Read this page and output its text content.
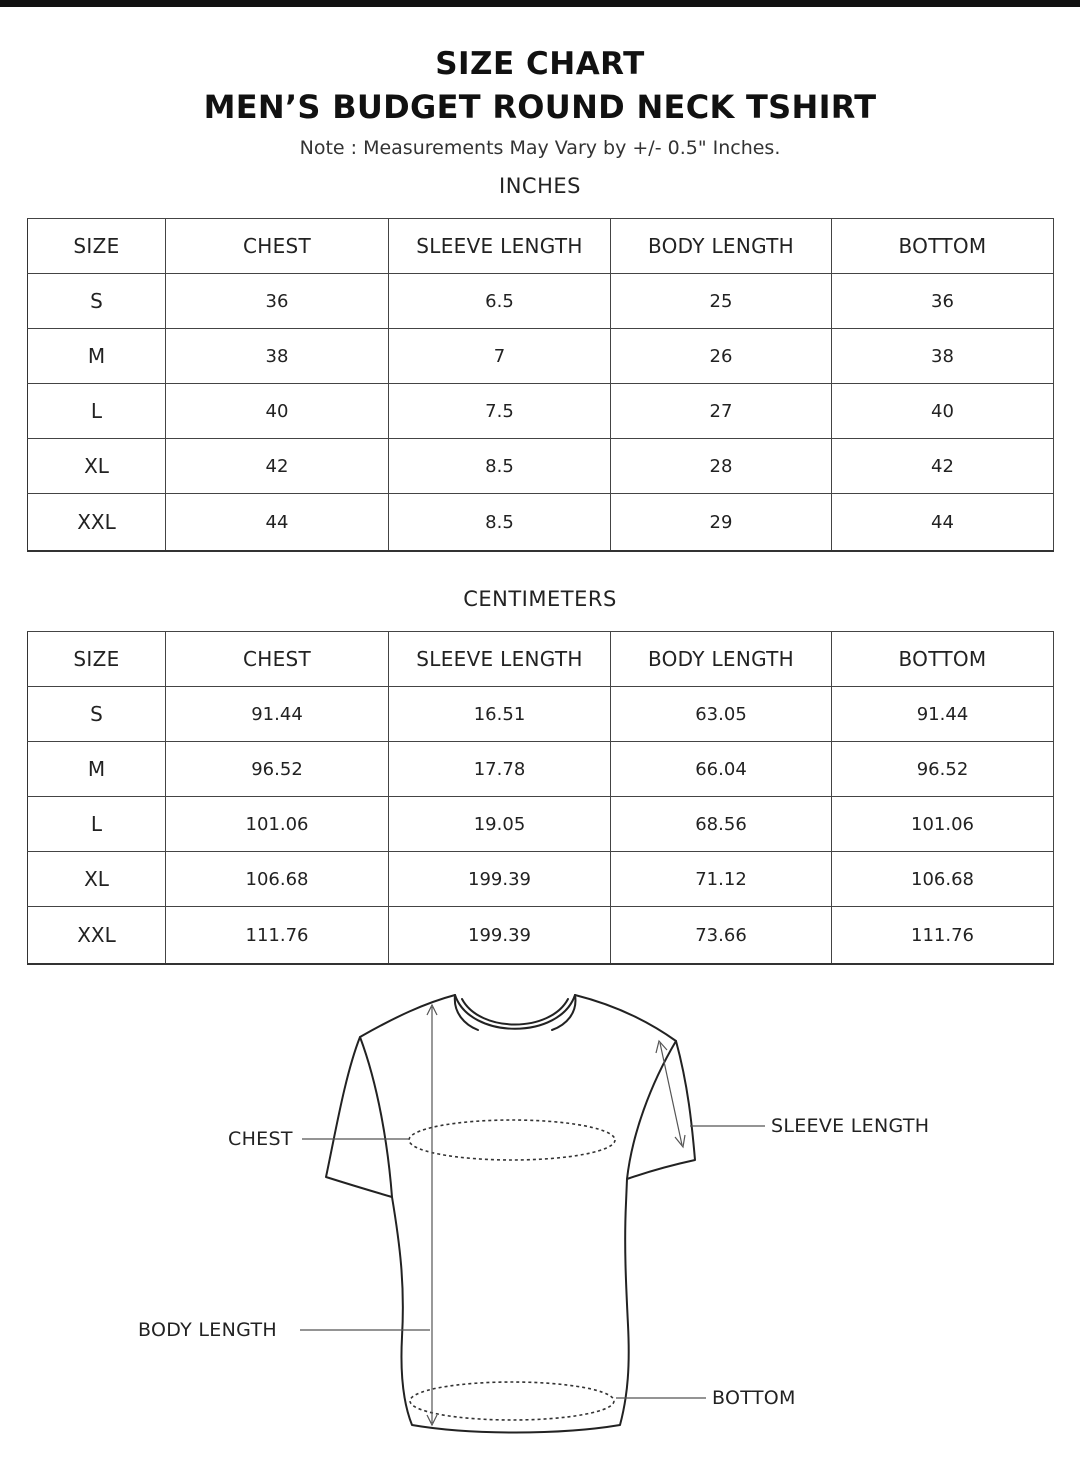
SIZE CHART
MEN’S BUDGET ROUND NECK TSHIRT
Note : Measurements May Vary by +/- 0.5" Inches.
INCHES
SIZE	CHEST	SLEEVE LENGTH	BODY LENGTH	BOTTOM
S	36	6.5	25	36
M	38	7	26	38
L	40	7.5	27	40
XL	42	8.5	28	42
XXL	44	8.5	29	44
CENTIMETERS
SIZE	CHEST	SLEEVE LENGTH	BODY LENGTH	BOTTOM
S	91.44	16.51	63.05	91.44
M	96.52	17.78	66.04	96.52
L	101.06	19.05	68.56	101.06
XL	106.68	199.39	71.12	106.68
XXL	111.76	199.39	73.66	111.76
CHEST
SLEEVE LENGTH
BODY LENGTH
BOTTOM
